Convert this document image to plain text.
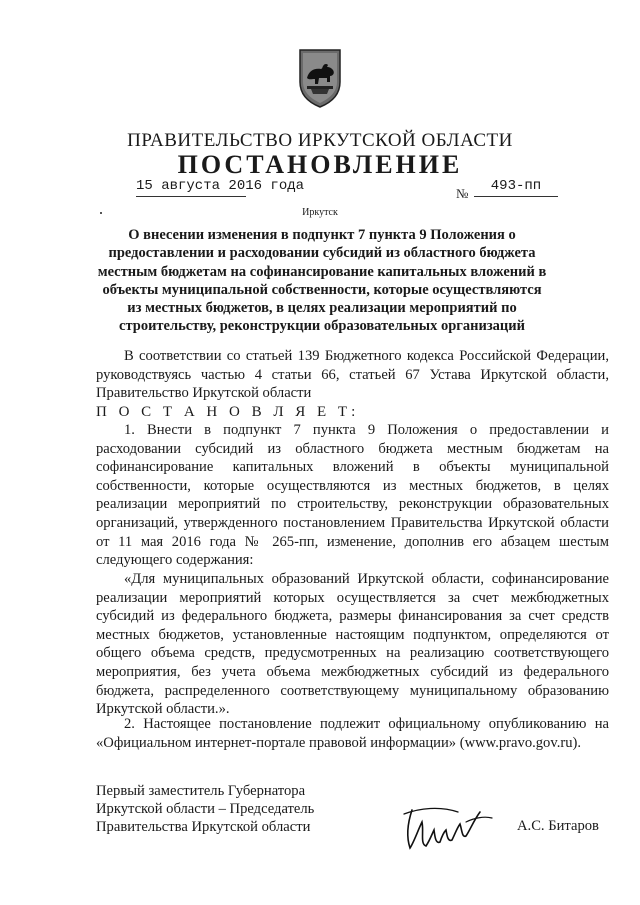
ПРАВИТЕЛЬСТВО ИРКУТСКОЙ ОБЛАСТИ
ПОСТАНОВЛЕНИЕ
15 августа 2016 года	№	493-пп
Иркутск
О внесении изменения в подпункт 7 пункта 9 Положения о предоставлении и расходовании субсидий из областного бюджета местным бюджетам на софинансирование капитальных вложений в объекты муниципальной собственности, которые осуществляются из местных бюджетов, в целях реализации мероприятий по строительству, реконструкции образовательных организаций
В соответствии со статьей 139 Бюджетного кодекса Российской Федерации, руководствуясь частью 4 статьи 66, статьей 67 Устава Иркутской области, Правительство Иркутской области
П О С Т А Н О В Л Я Е Т:
1. Внести в подпункт 7 пункта 9 Положения о предоставлении и расходовании субсидий из областного бюджета местным бюджетам на софинансирование капитальных вложений в объекты муниципальной собственности, которые осуществляются из местных бюджетов, в целях реализации мероприятий по строительству, реконструкции образовательных организаций, утвержденного постановлением Правительства Иркутской области от 11 мая 2016 года № 265-пп, изменение, дополнив его абзацем шестым следующего содержания:
«Для муниципальных образований Иркутской области, софинансирование реализации мероприятий которых осуществляется за счет межбюджетных субсидий из федерального бюджета, размеры финансирования за счет средств местных бюджетов, установленные настоящим подпунктом, определяются от общего объема средств, предусмотренных на реализацию соответствующего мероприятия, без учета объема межбюджетных субсидий из федерального бюджета, распределенного соответствующему муниципальному образованию Иркутской области.».
2. Настоящее постановление подлежит официальному опубликованию на «Официальном интернет-портале правовой информации» (www.pravo.gov.ru).
Первый заместитель Губернатора
Иркутской области – Председатель
Правительства Иркутской области	А.С. Битаров
